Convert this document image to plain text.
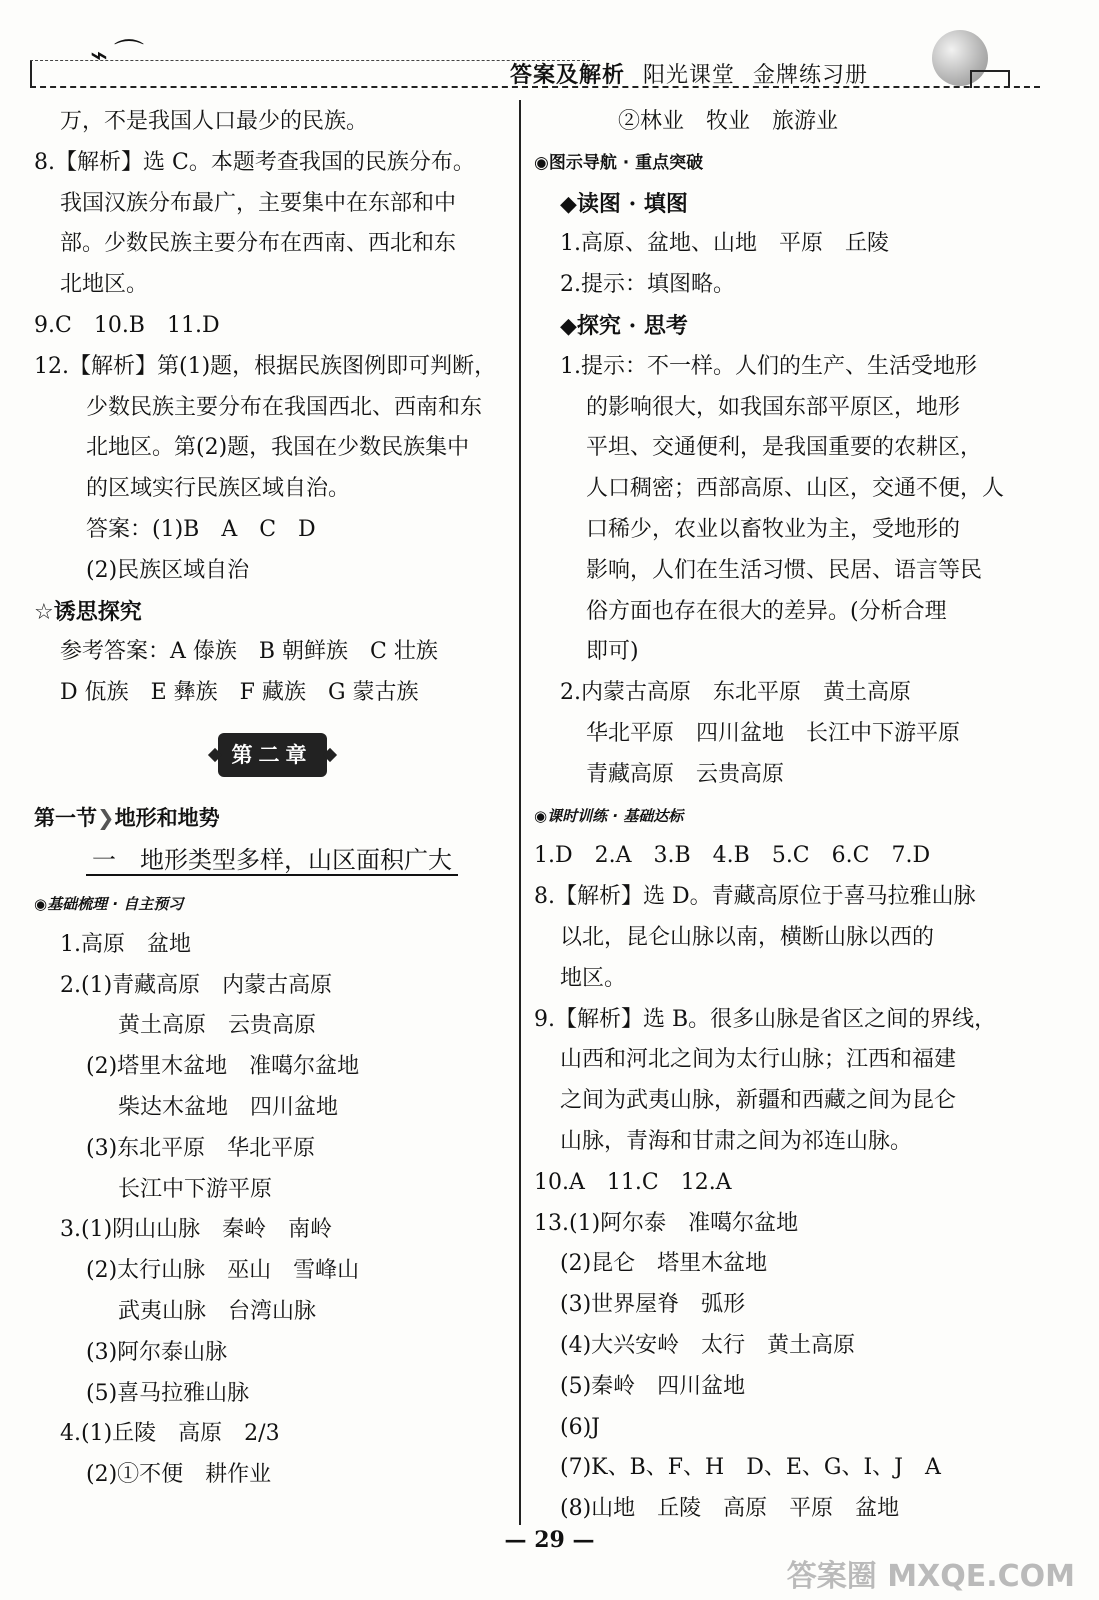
⌁⌒
答案及解析 阳光课堂 金牌练习册
万，不是我国人口最少的民族。
8.【解析】选 C。本题考查我国的民族分布。
我国汉族分布最广，主要集中在东部和中
部。少数民族主要分布在西南、西北和东
北地区。
9.C　10.B　11.D
12.【解析】第(1)题，根据民族图例即可判断，
少数民族主要分布在我国西北、西南和东
北地区。第(2)题，我国在少数民族集中
的区域实行民族区域自治。
答案：(1)B　A　C　D
(2)民族区域自治
☆诱思探究
参考答案：A 傣族　B 朝鲜族　C 壮族
D 佤族　E 彝族　F 藏族　G 蒙古族
第二章
第一节❯地形和地势
一　地形类型多样，山区面积广大
◉基础梳理 · 自主预习
1.高原　盆地
2.(1)青藏高原　内蒙古高原
黄土高原　云贵高原
(2)塔里木盆地　准噶尔盆地
柴达木盆地　四川盆地
(3)东北平原　华北平原
长江中下游平原
3.(1)阴山山脉　秦岭　南岭
(2)太行山脉　巫山　雪峰山
武夷山脉　台湾山脉
(3)阿尔泰山脉
(5)喜马拉雅山脉
4.(1)丘陵　高原　2/3
(2)①不便　耕作业
②林业　牧业　旅游业
◉图示导航 · 重点突破
◆读图 · 填图
1.高原、盆地、山地　平原　丘陵
2.提示：填图略。
◆探究 · 思考
1.提示：不一样。人们的生产、生活受地形
的影响很大，如我国东部平原区，地形
平坦、交通便利，是我国重要的农耕区，
人口稠密；西部高原、山区，交通不便，人
口稀少，农业以畜牧业为主，受地形的
影响，人们在生活习惯、民居、语言等民
俗方面也存在很大的差异。(分析合理
即可)
2.内蒙古高原　东北平原　黄土高原
华北平原　四川盆地　长江中下游平原
青藏高原　云贵高原
◉课时训练 · 基础达标
1.D　2.A　3.B　4.B　5.C　6.C　7.D
8.【解析】选 D。青藏高原位于喜马拉雅山脉
以北，昆仑山脉以南，横断山脉以西的
地区。
9.【解析】选 B。很多山脉是省区之间的界线，
山西和河北之间为太行山脉；江西和福建
之间为武夷山脉，新疆和西藏之间为昆仑
山脉，青海和甘肃之间为祁连山脉。
10.A　11.C　12.A
13.(1)阿尔泰　准噶尔盆地
(2)昆仑　塔里木盆地
(3)世界屋脊　弧形
(4)大兴安岭　太行　黄土高原
(5)秦岭　四川盆地
(6)J
(7)K、B、F、H　D、E、G、I、J　A
(8)山地　丘陵　高原　平原　盆地
— 29 —
答案圈 MXQE.COM
